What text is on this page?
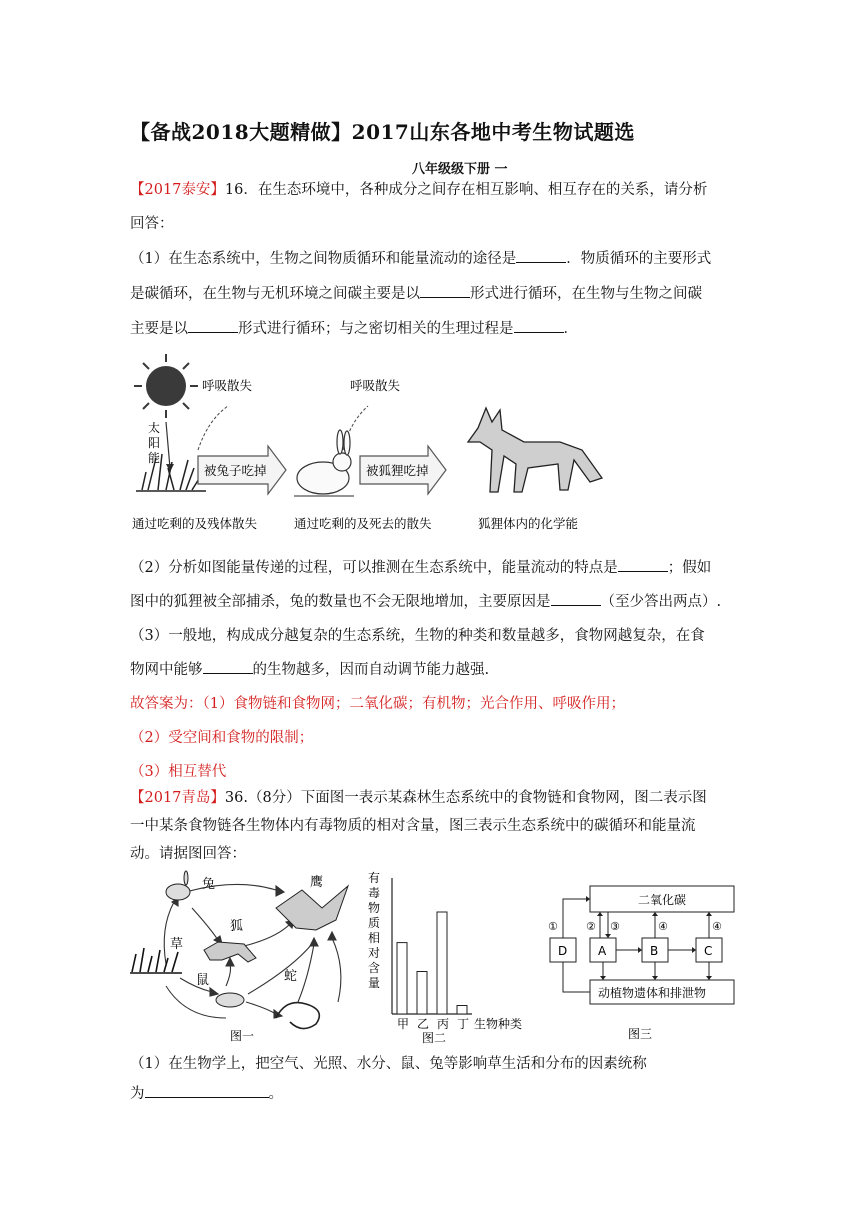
【备战2018大题精做】2017山东各地中考生物试题选
八年级级下册 一
【2017泰安】16．在生态环境中，各种成分之间存在相互影响、相互存在的关系，请分析
回答：
（1）在生态系统中，生物之间物质循环和能量流动的途径是	．物质循环的主要形式
是碳循环，在生物与无机环境之间碳主要是以	形式进行循环，在生物与生物之间碳
主要是以	形式进行循环；与之密切相关的生理过程是	．
太阳能
呼吸散失	呼吸散失
被兔子吃掉	被狐狸吃掉
通过吃剩的及残体散失	通过吃剩的及死去的散失	狐狸体内的化学能
（2）分析如图能量传递的过程，可以推测在生态系统中，能量流动的特点是	；假如
图中的狐狸被全部捕杀，兔的数量也不会无限地增加，主要原因是	（至少答出两点）.
（3）一般地，构成成分越复杂的生态系统，生物的种类和数量越多，食物网越复杂，在食
物网中能够	的生物越多，因而自动调节能力越强.
故答案为：（1）食物链和食物网；二氧化碳；有机物；光合作用、呼吸作用；
（2）受空间和食物的限制；
（3）相互替代
【2017青岛】36.（8分）下面图一表示某森林生态系统中的食物链和食物网，图二表示图
一中某条食物链各生物体内有毒物质的相对含量，图三表示生态系统中的碳循环和能量流
动。请据图回答：
兔	鹰
狐
草
鼠	蛇
图一
有
毒
物
质
相
对
含
量
甲 乙 丙 丁 生物种类
图二
二氧化碳
动植物遗体和排泄物
D	A	B	C
①	② ③	④	④
图三
（1）在生物学上，把空气、光照、水分、鼠、兔等影响草生活和分布的因素统称
为	。
